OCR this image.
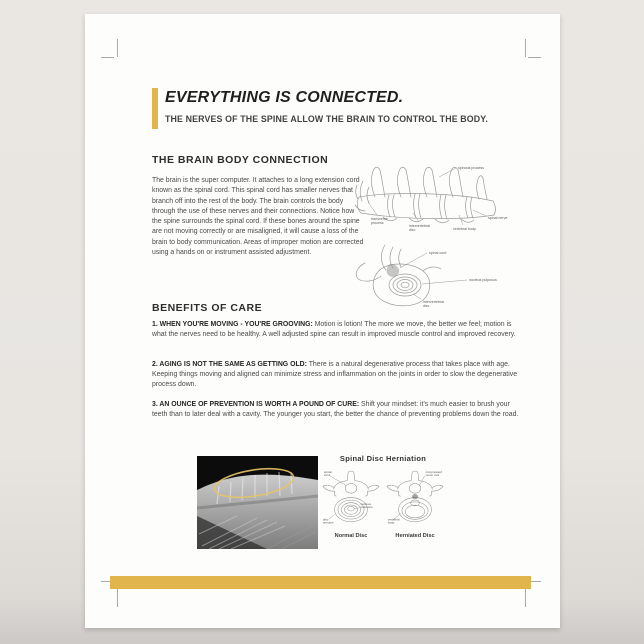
EVERYTHING IS CONNECTED.
THE NERVES OF THE SPINE ALLOW THE BRAIN TO CONTROL THE BODY.
THE BRAIN BODY CONNECTION
The brain is the super computer. It attaches to a long extension cord known as the spinal cord. This spinal cord has smaller nerves that branch off into the rest of the body. The brain controls the body through the use of these nerves and their connections. Notice how the spine surrounds the spinal cord. If these bones around the spine are not moving correctly or are misaligned, it will cause a loss of the brain to body communication. Areas of improper motion are corrected using a hands on or instrument assisted adjustment.
spinous process
transverse process
intervertebral disc	vertebral body
spinal nerve
spinal cord
nucleus pulposus
intervertebral disc
BENEFITS OF CARE

1. WHEN YOU'RE MOVING - YOU'RE GROOVING: Motion is lotion! The more we move, the better we feel; motion is what the nerves need to be healthy. A well adjusted spine can result in improved muscle control and improved recovery.

2. AGING IS NOT THE SAME AS GETTING OLD: There is a natural degenerative process that takes place with age. Keeping things moving and aligned can minimize stress and inflammation on the joints in order to slow the degenerative process down.

3. AN OUNCE OF PREVENTION IS WORTH A POUND OF CURE: Shift your mindset: it's much easier to brush your teeth than to later deal with a cavity. The younger you start, the better the chance of preventing problems down the road.

Spinal Disc Herniation
spinal cord
nucleus pulposus
disc annulus
compressed nerve root
vertebral body
Normal Disc	Herniated Disc
